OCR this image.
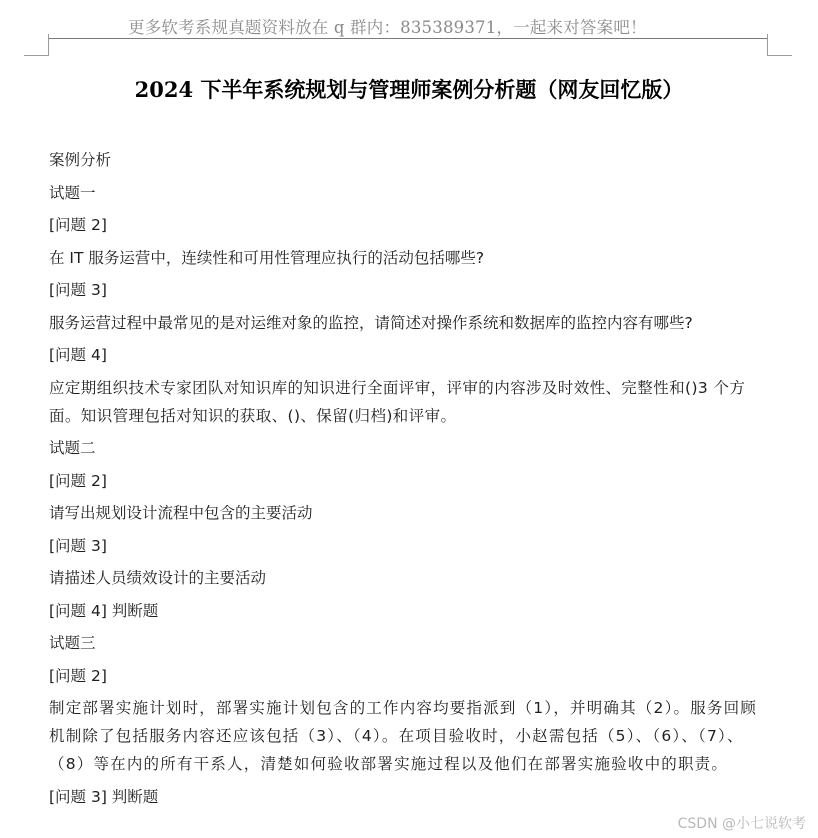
更多软考系规真题资料放在 q 群内：835389371，一起来对答案吧！
2024 下半年系统规划与管理师案例分析题（网友回忆版）

案例分析

试题一

[问题 2]

在 IT 服务运营中，连续性和可用性管理应执行的活动包括哪些?

[问题 3]

服务运营过程中最常见的是对运维对象的监控，请简述对操作系统和数据库的监控内容有哪些?

[问题 4]

应定期组织技术专家团队对知识库的知识进行全面评审，评审的内容涉及时效性、完整性和()3 个方面。知识管理包括对知识的获取、()、保留(归档)和评审。

试题二

[问题 2]

请写出规划设计流程中包含的主要活动

[问题 3]

请描述人员绩效设计的主要活动

[问题 4] 判断题

试题三

[问题 2]

制定部署实施计划时，部署实施计划包含的工作内容均要指派到（1），并明确其（2）。服务回顾机制除了包括服务内容还应该包括（3）、（4）。在项目验收时，小赵需包括（5）、（6）、（7）、（8）等在内的所有干系人，清楚如何验收部署实施过程以及他们在部署实施验收中的职责。

[问题 3] 判断题

CSDN @小七说软考
